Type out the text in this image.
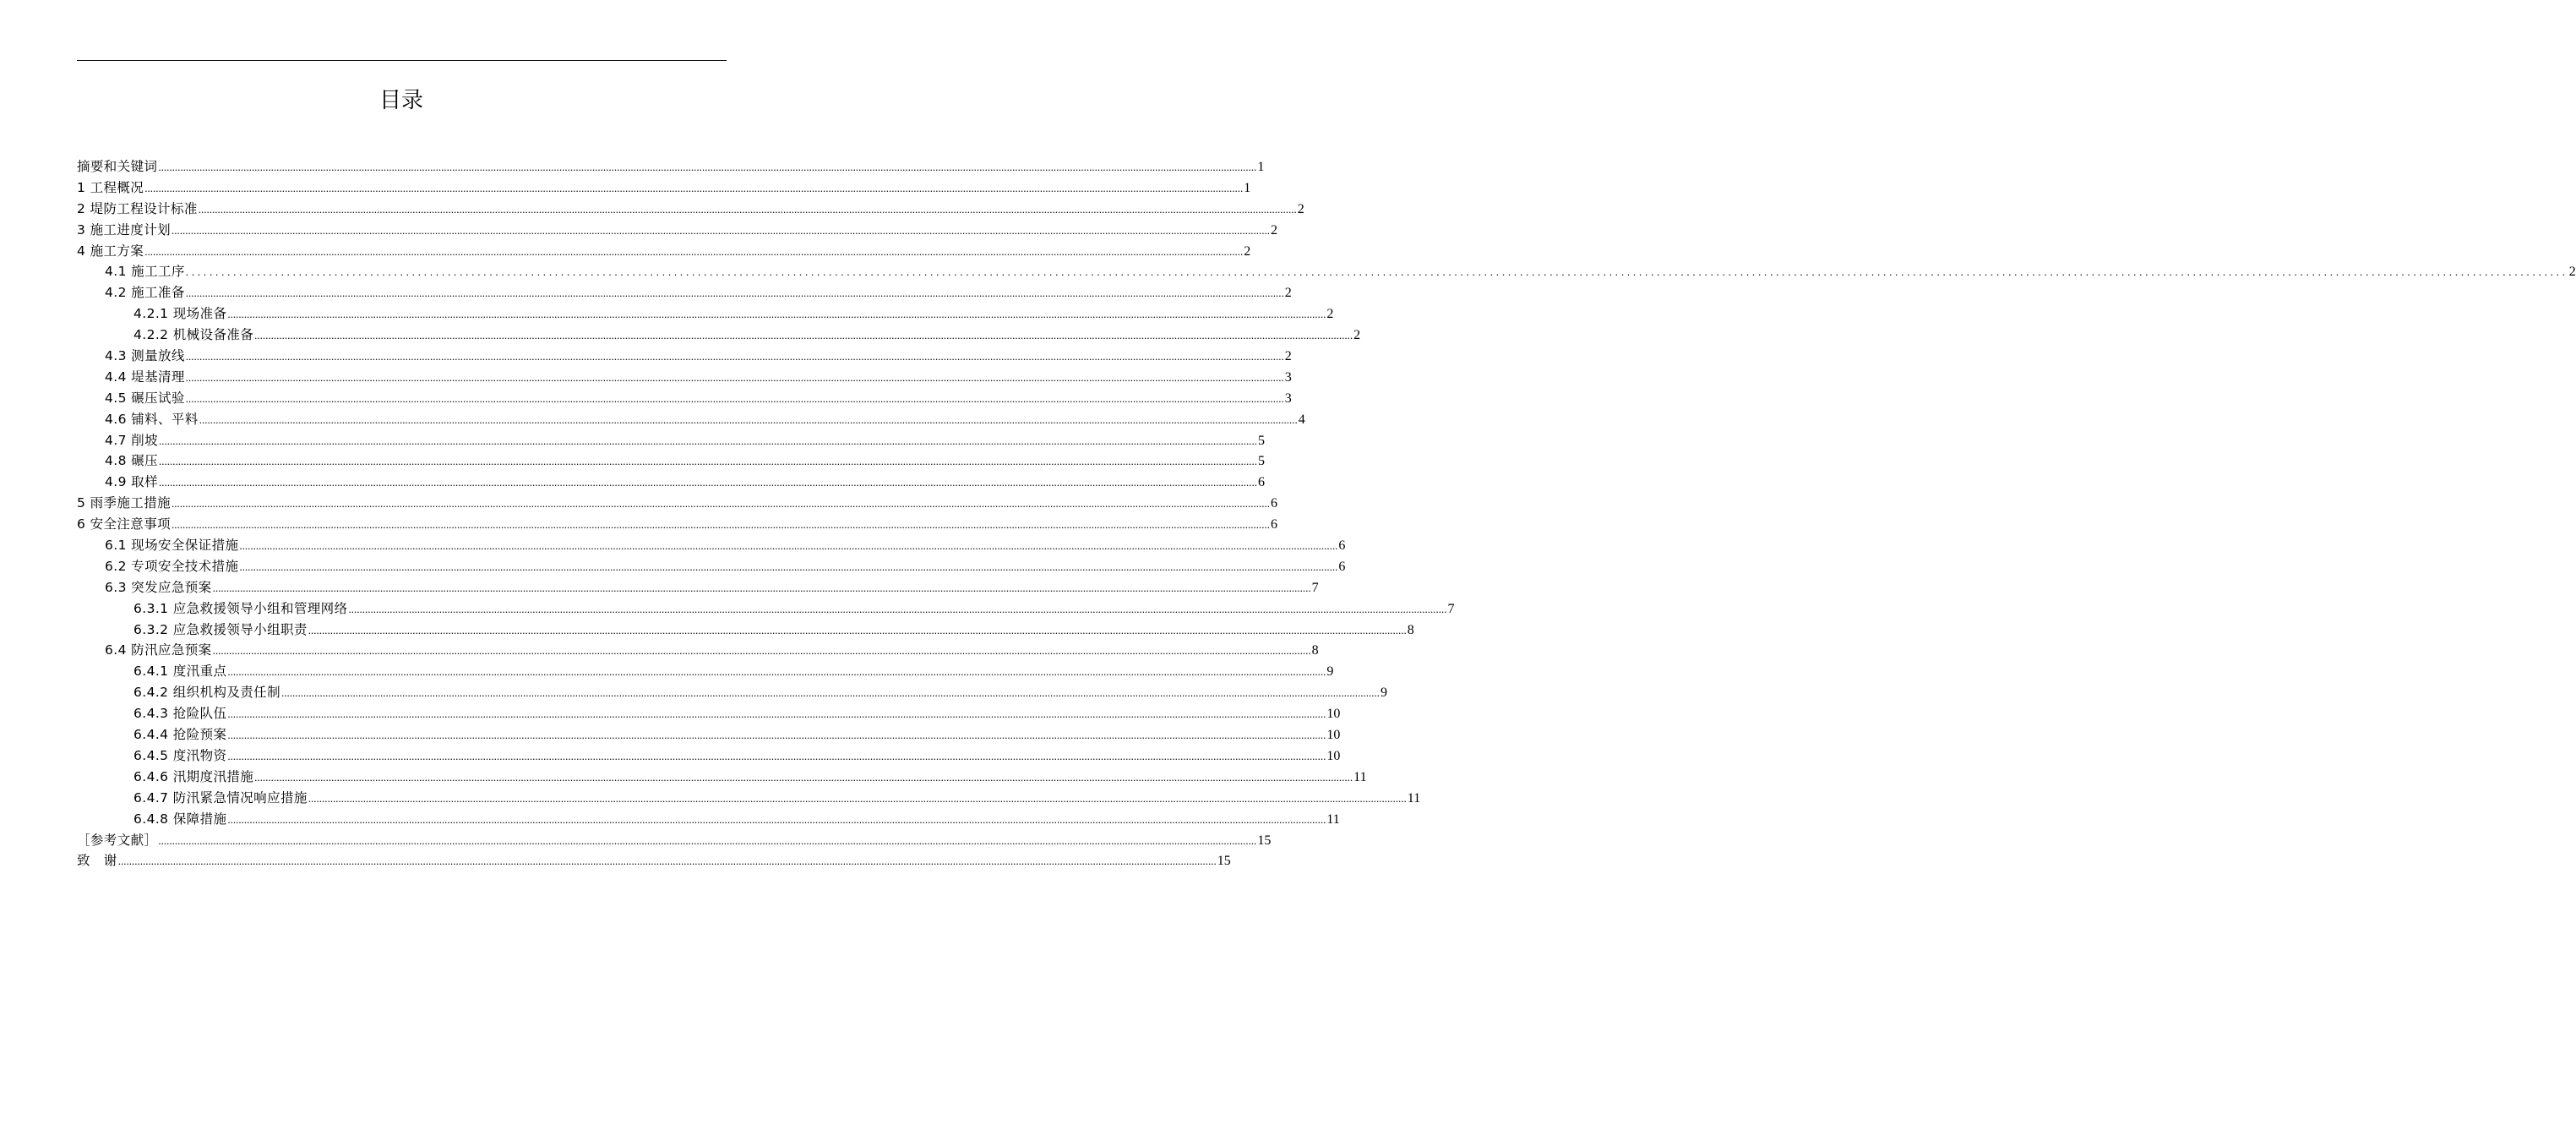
目录
摘要和关键词 ................................................................................................................................................................................................................................................................................................................................................................................................................ 1
1 工程概况 ................................................................................................................................................................................................................................................................................................................................................................................................................ 1
2 堤防工程设计标准 ................................................................................................................................................................................................................................................................................................................................................................................................................ 2
3 施工进度计划 ................................................................................................................................................................................................................................................................................................................................................................................................................ 2
4 施工方案 ................................................................................................................................................................................................................................................................................................................................................................................................................ 2
4.1 施工工序 ................................................................................................................................................................................................................................................................................................................................................................................................................ 2
4.2 施工准备 ................................................................................................................................................................................................................................................................................................................................................................................................................ 2
4.2.1 现场准备 ................................................................................................................................................................................................................................................................................................................................................................................................................ 2
4.2.2 机械设备准备 ................................................................................................................................................................................................................................................................................................................................................................................................................ 2
4.3 测量放线 ................................................................................................................................................................................................................................................................................................................................................................................................................ 2
4.4 堤基清理 ................................................................................................................................................................................................................................................................................................................................................................................................................ 3
4.5 碾压试验 ................................................................................................................................................................................................................................................................................................................................................................................................................ 3
4.6 铺料、平料 ................................................................................................................................................................................................................................................................................................................................................................................................................ 4
4.7 削坡 ................................................................................................................................................................................................................................................................................................................................................................................................................ 5
4.8 碾压 ................................................................................................................................................................................................................................................................................................................................................................................................................ 5
4.9 取样 ................................................................................................................................................................................................................................................................................................................................................................................................................ 6
5 雨季施工措施 ................................................................................................................................................................................................................................................................................................................................................................................................................ 6
6 安全注意事项 ................................................................................................................................................................................................................................................................................................................................................................................................................ 6
6.1 现场安全保证措施 ................................................................................................................................................................................................................................................................................................................................................................................................................ 6
6.2 专项安全技术措施 ................................................................................................................................................................................................................................................................................................................................................................................................................ 6
6.3 突发应急预案 ................................................................................................................................................................................................................................................................................................................................................................................................................ 7
6.3.1 应急救援领导小组和管理网络 ................................................................................................................................................................................................................................................................................................................................................................................................................ 7
6.3.2 应急救援领导小组职责 ................................................................................................................................................................................................................................................................................................................................................................................................................ 8
6.4 防汛应急预案 ................................................................................................................................................................................................................................................................................................................................................................................................................ 8
6.4.1 度汛重点 ................................................................................................................................................................................................................................................................................................................................................................................................................ 9
6.4.2 组织机构及责任制 ................................................................................................................................................................................................................................................................................................................................................................................................................ 9
6.4.3 抢险队伍 ................................................................................................................................................................................................................................................................................................................................................................................................................ 10
6.4.4 抢险预案 ................................................................................................................................................................................................................................................................................................................................................................................................................ 10
6.4.5 度汛物资 ................................................................................................................................................................................................................................................................................................................................................................................................................ 10
6.4.6 汛期度汛措施 ................................................................................................................................................................................................................................................................................................................................................................................................................ 11
6.4.7 防汛紧急情况响应措施 ................................................................................................................................................................................................................................................................................................................................................................................................................ 11
6.4.8 保障措施 ................................................................................................................................................................................................................................................................................................................................................................................................................ 11
［参考文献］ ................................................................................................................................................................................................................................................................................................................................................................................................................ 15
致　谢 ................................................................................................................................................................................................................................................................................................................................................................................................................ 15
